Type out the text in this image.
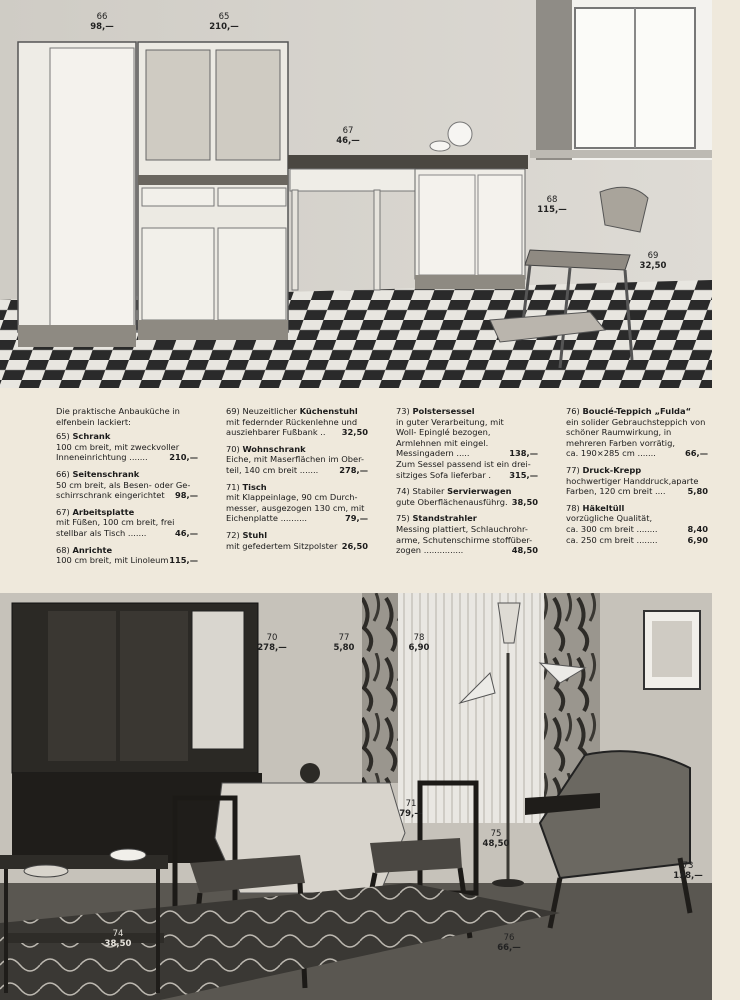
66
98,—
65
210,—
67
46,—
68
115,—
69
32,50
Die praktische Anbauküche in elfenbein lackiert:
65) Schrank
100 cm breit, mit zweckvoller
Inneneinrichtung .......	210,—
66) Seitenschrank
50 cm breit, als Besen- oder Ge-
schirrschrank eingerichtet 98,—
67) Arbeitsplatte
mit Füßen, 100 cm breit, frei
stellbar als Tisch .......	46,—
68) Anrichte
100 cm breit, mit Linoleum 115,—
69) Neuzeitlicher Küchenstuhl
mit federnder Rückenlehne und
ausziehbarer Fußbank .. 32,50
70) Wohnschrank
Eiche, mit Maserflächen im Ober-
teil, 140 cm breit .......	278,—
71) Tisch
mit Klappeinlage, 90 cm Durch- messer, ausgezogen 130 cm, mit
Eichenplatte ..........	79,—
72) Stuhl
mit gefedertem Sitzpolster 26,50
73) Polstersessel
in guter Verarbeitung, mit Woll- Epinglé bezogen, Armlehnen mit eingel. Messingadern .....	138,—
Zum Sessel passend ist ein drei-
sitziges Sofa lieferbar . 315,—
74) Stabiler Servierwagen
gute Oberflächenausführg. 38,50
75) Standstrahler
Messing plattiert, Schlauchrohr- arme, Schutenschirme stoffüber-
zogen ...............	48,50
76) Bouclé-Teppich „Fulda“
ein solider Gebrauchsteppich von schöner Raumwirkung, in mehreren Farben vorrätig,
ca. 190×285 cm .......	66,—
77) Druck-Krepp
hochwertiger Handdruck,aparte
Farben, 120 cm breit ....	5,80
78) Häkeltüll
vorzügliche Qualität,
ca. 300 cm breit ........	8,40
ca. 250 cm breit ........	6,90
70
278,—
77
5,80
78
6,90
71
79,—
75
48,50
74
38,50
76
66,—
73
138,—
